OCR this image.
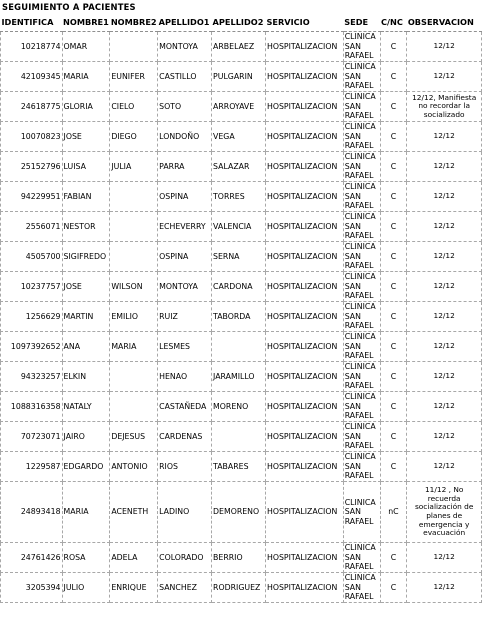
SEGUIMIENTO A PACIENTES
IDENTIFICA	NOMBRE1	NOMBRE2	APELLIDO1	APELLIDO2	SERVICIO	SEDE	C/NC	OBSERVACION
10218774	OMAR		MONTOYA	ARBELAEZ	HOSPITALIZACION	CLINICA SAN RAFAEL	C	12/12
42109345	MARIA	EUNIFER	CASTILLO	PULGARIN	HOSPITALIZACION	CLINICA SAN RAFAEL	C	12/12
24618775	GLORIA	CIELO	SOTO	ARROYAVE	HOSPITALIZACION	CLINICA SAN RAFAEL	C	12/12, Manifiesta no recordar la socializado
10070823	JOSE	DIEGO	LONDOÑO	VEGA	HOSPITALIZACION	CLINICA SAN RAFAEL	C	12/12
25152796	LUISA	JULIA	PARRA	SALAZAR	HOSPITALIZACION	CLINICA SAN RAFAEL	C	12/12
94229951	FABIAN		OSPINA	TORRES	HOSPITALIZACION	CLINICA SAN RAFAEL	C	12/12
2556071	NESTOR		ECHEVERRY	VALENCIA	HOSPITALIZACION	CLINICA SAN RAFAEL	C	12/12
4505700	SIGIFREDO		OSPINA	SERNA	HOSPITALIZACION	CLINICA SAN RAFAEL	C	12/12
10237757	JOSE	WILSON	MONTOYA	CARDONA	HOSPITALIZACION	CLINICA SAN RAFAEL	C	12/12
1256629	MARTIN	EMILIO	RUIZ	TABORDA	HOSPITALIZACION	CLINICA SAN RAFAEL	C	12/12
1097392652	ANA	MARIA	LESMES		HOSPITALIZACION	CLINICA SAN RAFAEL	C	12/12
94323257	ELKIN		HENAO	JARAMILLO	HOSPITALIZACION	CLINICA SAN RAFAEL	C	12/12
1088316358	NATALY		CASTAÑEDA	MORENO	HOSPITALIZACION	CLINICA SAN RAFAEL	C	12/12
70723071	JAIRO	DEJESUS	CARDENAS		HOSPITALIZACION	CLINICA SAN RAFAEL	C	12/12
1229587	EDGARDO	ANTONIO	RIOS	TABARES	HOSPITALIZACION	CLINICA SAN RAFAEL	C	12/12
24893418	MARIA	ACENETH	LADINO	DEMORENO	HOSPITALIZACION	CLINICA SAN RAFAEL	nC	11/12 , No recuerda socialización de planes de emergencia y evacuación
24761426	ROSA	ADELA	COLORADO	BERRIO	HOSPITALIZACION	CLINICA SAN RAFAEL	C	12/12
3205394	JULIO	ENRIQUE	SANCHEZ	RODRIGUEZ	HOSPITALIZACION	CLINICA SAN RAFAEL	C	12/12
